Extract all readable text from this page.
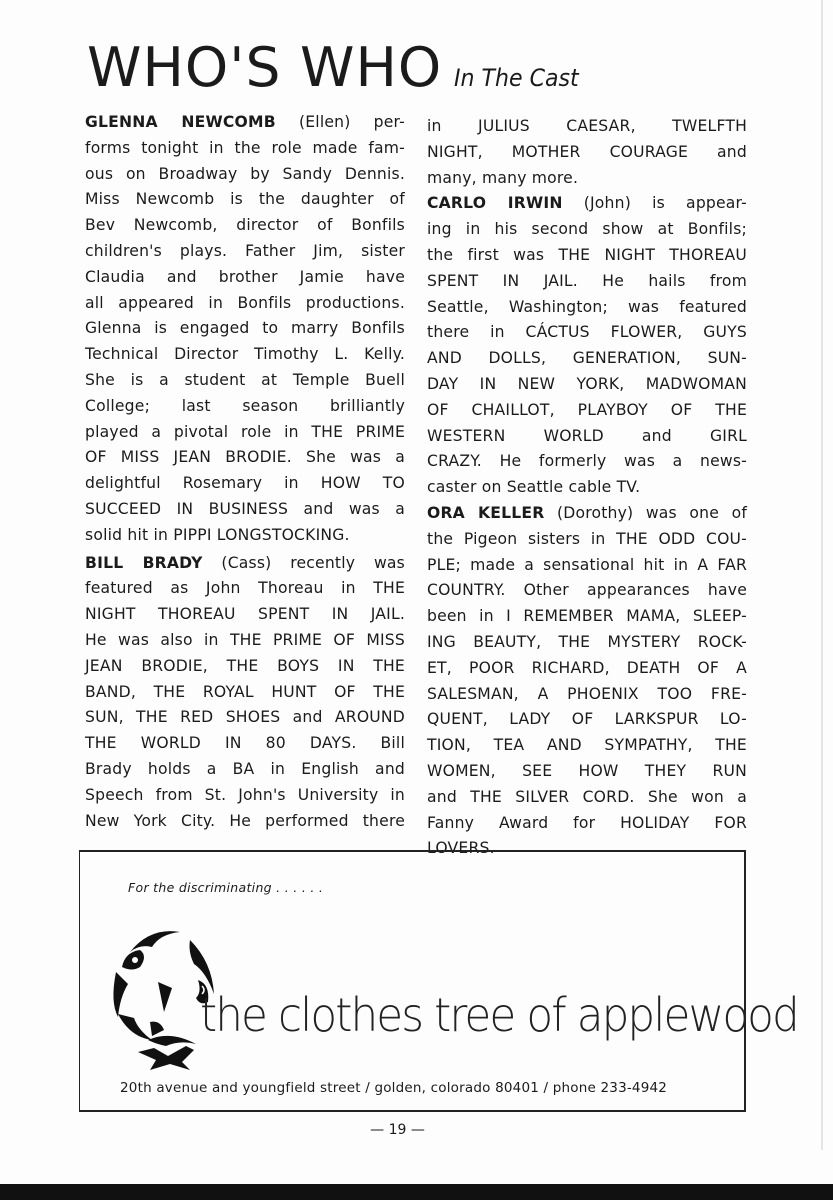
WHO'S WHO In The Cast
GLENNA NEWCOMB (Ellen) per-
forms tonight in the role made fam-
ous on Broadway by Sandy Dennis.
Miss Newcomb is the daughter of
Bev Newcomb, director of Bonfils
children's plays. Father Jim, sister
Claudia and brother Jamie have
all appeared in Bonfils productions.
Glenna is engaged to marry Bonfils
Technical Director Timothy L. Kelly.
She is a student at Temple Buell
College; last season brilliantly
played a pivotal role in THE PRIME
OF MISS JEAN BRODIE. She was a
delightful Rosemary in HOW TO
SUCCEED IN BUSINESS and was a
solid hit in PIPPI LONGSTOCKING.
BILL BRADY (Cass) recently was
featured as John Thoreau in THE
NIGHT THOREAU SPENT IN JAIL.
He was also in THE PRIME OF MISS
JEAN BRODIE, THE BOYS IN THE
BAND, THE ROYAL HUNT OF THE
SUN, THE RED SHOES and AROUND
THE WORLD IN 80 DAYS. Bill
Brady holds a BA in English and
Speech from St. John's University in
New York City. He performed there
in JULIUS CAESAR, TWELFTH
NIGHT, MOTHER COURAGE and
many, many more.
CARLO IRWIN (John) is appear-
ing in his second show at Bonfils;
the first was THE NIGHT THOREAU
SPENT IN JAIL. He hails from
Seattle, Washington; was featured
there in CÁCTUS FLOWER, GUYS
AND DOLLS, GENERATION, SUN-
DAY IN NEW YORK, MADWOMAN
OF CHAILLOT, PLAYBOY OF THE
WESTERN WORLD and GIRL
CRAZY. He formerly was a news-
caster on Seattle cable TV.
ORA KELLER (Dorothy) was one of
the Pigeon sisters in THE ODD COU-
PLE; made a sensational hit in A FAR
COUNTRY. Other appearances have
been in I REMEMBER MAMA, SLEEP-
ING BEAUTY, THE MYSTERY ROCK-
ET, POOR RICHARD, DEATH OF A
SALESMAN, A PHOENIX TOO FRE-
QUENT, LADY OF LARKSPUR LO-
TION, TEA AND SYMPATHY, THE
WOMEN, SEE HOW THEY RUN
and THE SILVER CORD. She won a
Fanny Award for HOLIDAY FOR
LOVERS.
For the discriminating . . . . . .
the clothes tree of applewood
20th avenue and youngfield street / golden, colorado 80401 / phone 233-4942
— 19 —
